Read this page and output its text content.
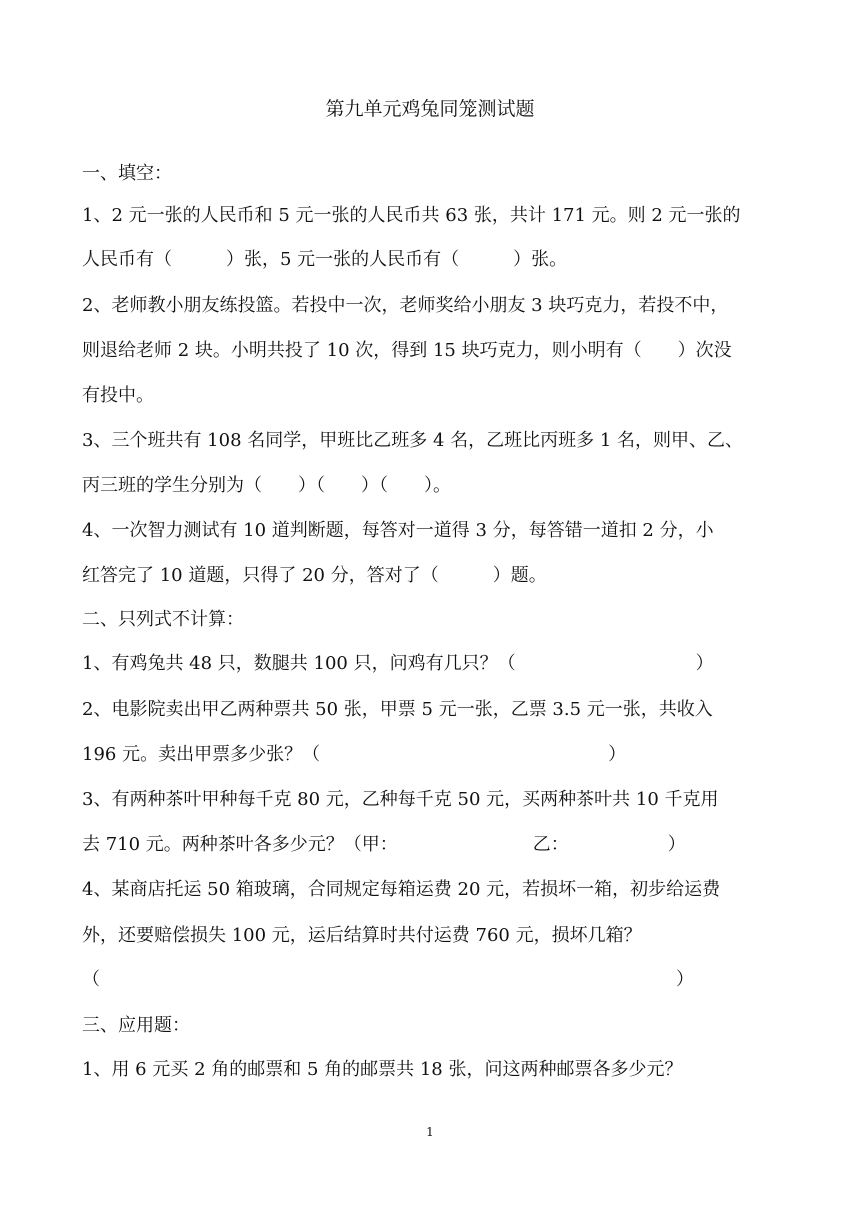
第九单元鸡兔同笼测试题
一、填空：
1、2 元一张的人民币和 5 元一张的人民币共 63 张，共计 171 元。则 2 元一张的
人民币有（　　　）张，5 元一张的人民币有（　　　）张。
2、老师教小朋友练投篮。若投中一次，老师奖给小朋友 3 块巧克力，若投不中，
则退给老师 2 块。小明共投了 10 次，得到 15 块巧克力，则小明有（　　）次没
有投中。
3、三个班共有 108 名同学，甲班比乙班多 4 名，乙班比丙班多 1 名，则甲、乙、
丙三班的学生分别为（　　）（　　）（　　）。
4、一次智力测试有 10 道判断题，每答对一道得 3 分，每答错一道扣 2 分，小
红答完了 10 道题，只得了 20 分，答对了（　　　）题。
二、只列式不计算：
1、有鸡兔共 48 只，数腿共 100 只，问鸡有几只？（　　　　　　　　　　）
2、电影院卖出甲乙两种票共 50 张，甲票 5 元一张，乙票 3.5 元一张，共收入
196 元。卖出甲票多少张？（　　　　　　　　　　　　　　　　）
3、有两种茶叶甲种每千克 80 元，乙种每千克 50 元，买两种茶叶共 10 千克用
去 710 元。两种茶叶各多少元？（甲：　　　　　　　　乙：　　　　　　）
4、某商店托运 50 箱玻璃，合同规定每箱运费 20 元，若损坏一箱，初步给运费
外，还要赔偿损失 100 元，运后结算时共付运费 760 元，损坏几箱？
（　　　　　　　　　　　　　　　　　　　　　　　　　　　　　　　　）
三、应用题：
1、用 6 元买 2 角的邮票和 5 角的邮票共 18 张，问这两种邮票各多少元？
1
